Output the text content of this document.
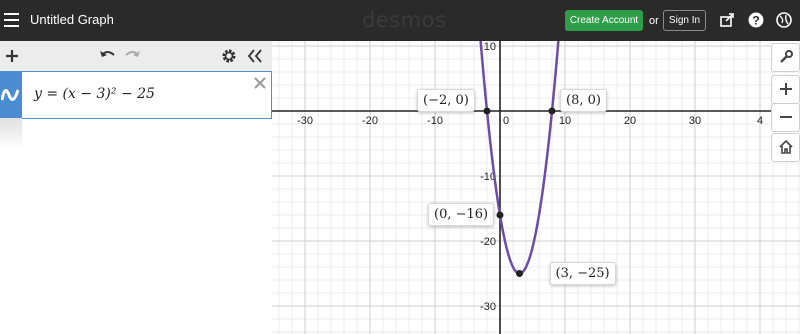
Untitled Graph	desmos	Create Account or	Sign In	?
y = (x − 3)² − 25
-30	-20	-10	0	10	20	30	4
10
-10
-20
-30
(−2, 0)	(8, 0)
(0, −16)
(3, −25)
